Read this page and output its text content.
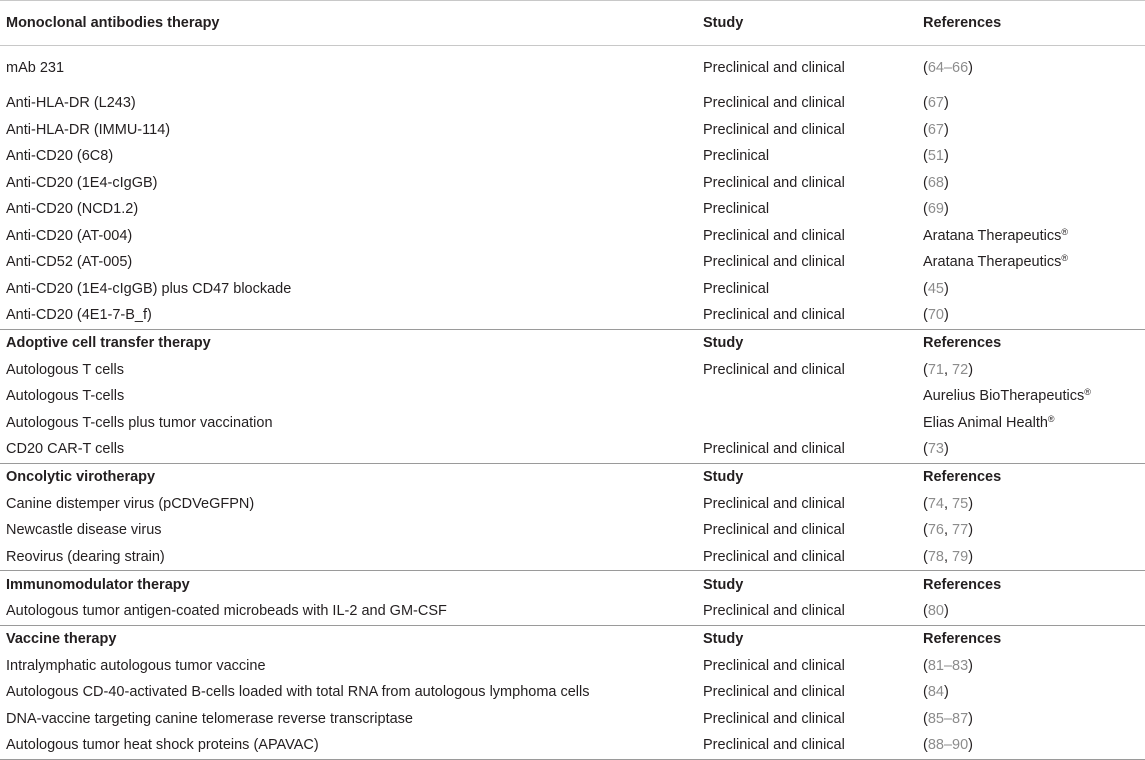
Monoclonal antibodies therapy	Study	References
mAb 231	Preclinical and clinical	(64–66)
Anti-HLA-DR (L243)	Preclinical and clinical	(67)
Anti-HLA-DR (IMMU-114)	Preclinical and clinical	(67)
Anti-CD20 (6C8)	Preclinical	(51)
Anti-CD20 (1E4-cIgGB)	Preclinical and clinical	(68)
Anti-CD20 (NCD1.2)	Preclinical	(69)
Anti-CD20 (AT-004)	Preclinical and clinical	Aratana Therapeutics®
Anti-CD52 (AT-005)	Preclinical and clinical	Aratana Therapeutics®
Anti-CD20 (1E4-cIgGB) plus CD47 blockade	Preclinical	(45)
Anti-CD20 (4E1-7-B_f)	Preclinical and clinical	(70)
Adoptive cell transfer therapy	Study	References
Autologous T cells	Preclinical and clinical	(71, 72)
Autologous T-cells		Aurelius BioTherapeutics®
Autologous T-cells plus tumor vaccination		Elias Animal Health®
CD20 CAR-T cells	Preclinical and clinical	(73)
Oncolytic virotherapy	Study	References
Canine distemper virus (pCDVeGFPN)	Preclinical and clinical	(74, 75)
Newcastle disease virus	Preclinical and clinical	(76, 77)
Reovirus (dearing strain)	Preclinical and clinical	(78, 79)
Immunomodulator therapy	Study	References
Autologous tumor antigen-coated microbeads with IL-2 and GM-CSF	Preclinical and clinical	(80)
Vaccine therapy	Study	References
Intralymphatic autologous tumor vaccine	Preclinical and clinical	(81–83)
Autologous CD-40-activated B-cells loaded with total RNA from autologous lymphoma cells	Preclinical and clinical	(84)
DNA-vaccine targeting canine telomerase reverse transcriptase	Preclinical and clinical	(85–87)
Autologous tumor heat shock proteins (APAVAC)	Preclinical and clinical	(88–90)
